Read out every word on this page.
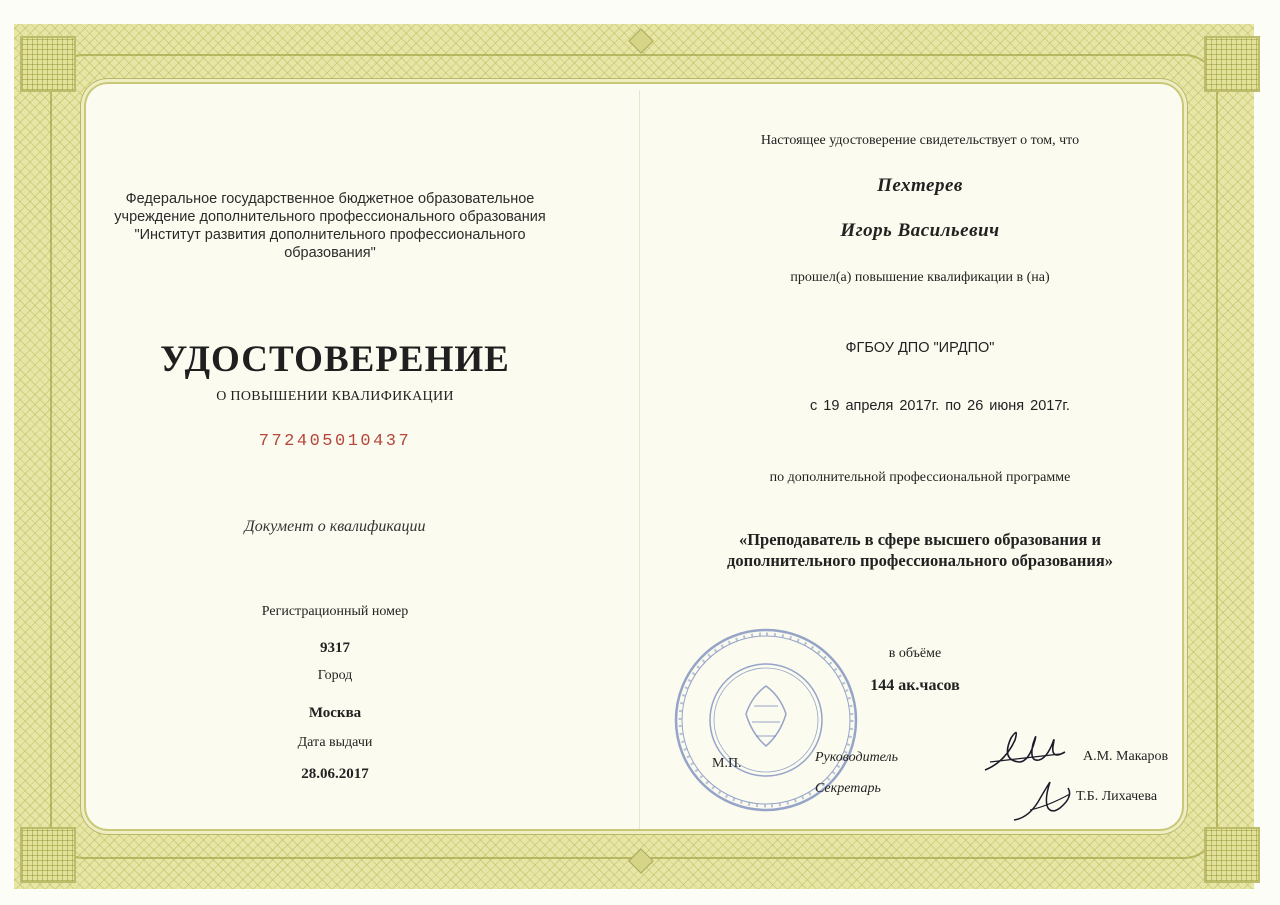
Федеральное государственное бюджетное образовательное учреждение дополнительного профессионального образования "Институт развития дополнительного профессионального образования"
УДОСТОВЕРЕНИЕ
О ПОВЫШЕНИИ КВАЛИФИКАЦИИ
772405010437
Документ о квалификации
Регистрационный номер
9317
Город
Москва
Дата выдачи
28.06.2017
Настоящее удостоверение свидетельствует о том, что
Пехтерев
Игорь Васильевич
прошел(а) повышение квалификации в (на)
ФГБОУ ДПО "ИРДПО"
с 19 апреля 2017г. по 26 июня 2017г.
по дополнительной профессиональной программе
«Преподаватель в сфере высшего образования и дополнительного профессионального образования»
в объёме
144 ак.часов
М.П.	Руководитель
Секретарь
А.М. Макаров
Т.Б. Лихачева
